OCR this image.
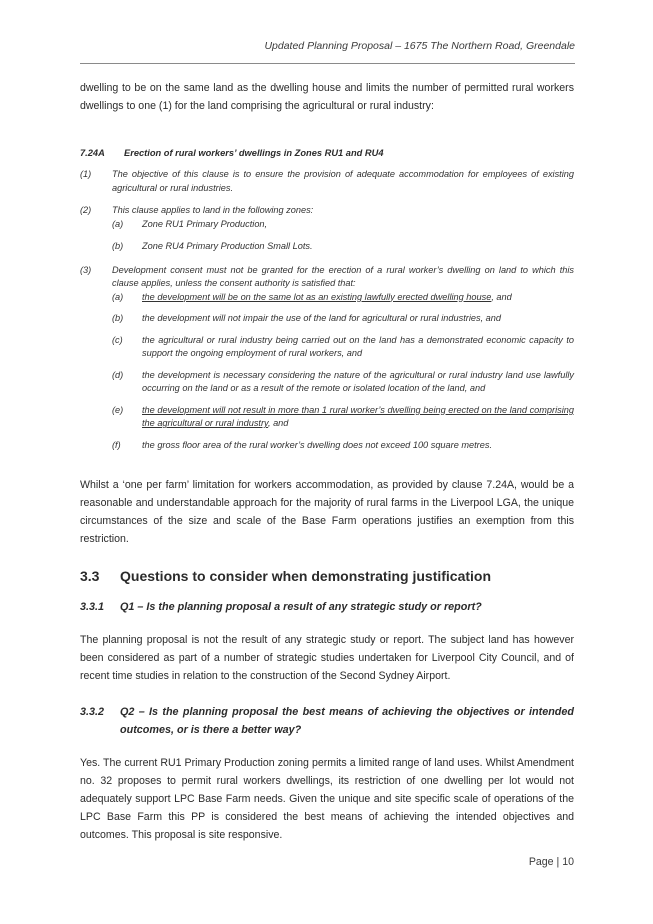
Updated Planning Proposal – 1675 The Northern Road, Greendale

dwelling to be on the same land as the dwelling house and limits the number of permitted rural workers dwellings to one (1) for the land comprising the agricultural or rural industry:

7.24A Erection of rural workers’ dwellings in Zones RU1 and RU4
(1)	The objective of this clause is to ensure the provision of adequate accommodation for employees of existing agricultural or rural industries.
(2)	This clause applies to land in the following zones:
(a)	Zone RU1 Primary Production,
(b)	Zone RU4 Primary Production Small Lots.
(3)	Development consent must not be granted for the erection of a rural worker’s dwelling on land to which this clause applies, unless the consent authority is satisfied that:
(a)	the development will be on the same lot as an existing lawfully erected dwelling house, and
(b)	the development will not impair the use of the land for agricultural or rural industries, and
(c)	the agricultural or rural industry being carried out on the land has a demonstrated economic capacity to support the ongoing employment of rural workers, and
(d)	the development is necessary considering the nature of the agricultural or rural industry land use lawfully occurring on the land or as a result of the remote or isolated location of the land, and
(e)	the development will not result in more than 1 rural worker’s dwelling being erected on the land comprising the agricultural or rural industry, and
(f)	the gross floor area of the rural worker’s dwelling does not exceed 100 square metres.

Whilst a ‘one per farm’ limitation for workers accommodation, as provided by clause 7.24A, would be a reasonable and understandable approach for the majority of rural farms in the Liverpool LGA, the unique circumstances of the size and scale of the Base Farm operations justifies an exemption from this restriction.

3.3 Questions to consider when demonstrating justification
3.3.1	Q1 – Is the planning proposal a result of any strategic study or report?

The planning proposal is not the result of any strategic study or report. The subject land has however been considered as part of a number of strategic studies undertaken for Liverpool City Council, and of recent time studies in relation to the construction of the Second Sydney Airport.

3.3.2	Q2 – Is the planning proposal the best means of achieving the objectives or intended outcomes, or is there a better way?

Yes. The current RU1 Primary Production zoning permits a limited range of land uses. Whilst Amendment no. 32 proposes to permit rural workers dwellings, its restriction of one dwelling per lot would not adequately support LPC Base Farm needs. Given the unique and site specific scale of operations of the LPC Base Farm this PP is considered the best means of achieving the intended objectives and outcomes. This proposal is site responsive.

Page | 10
